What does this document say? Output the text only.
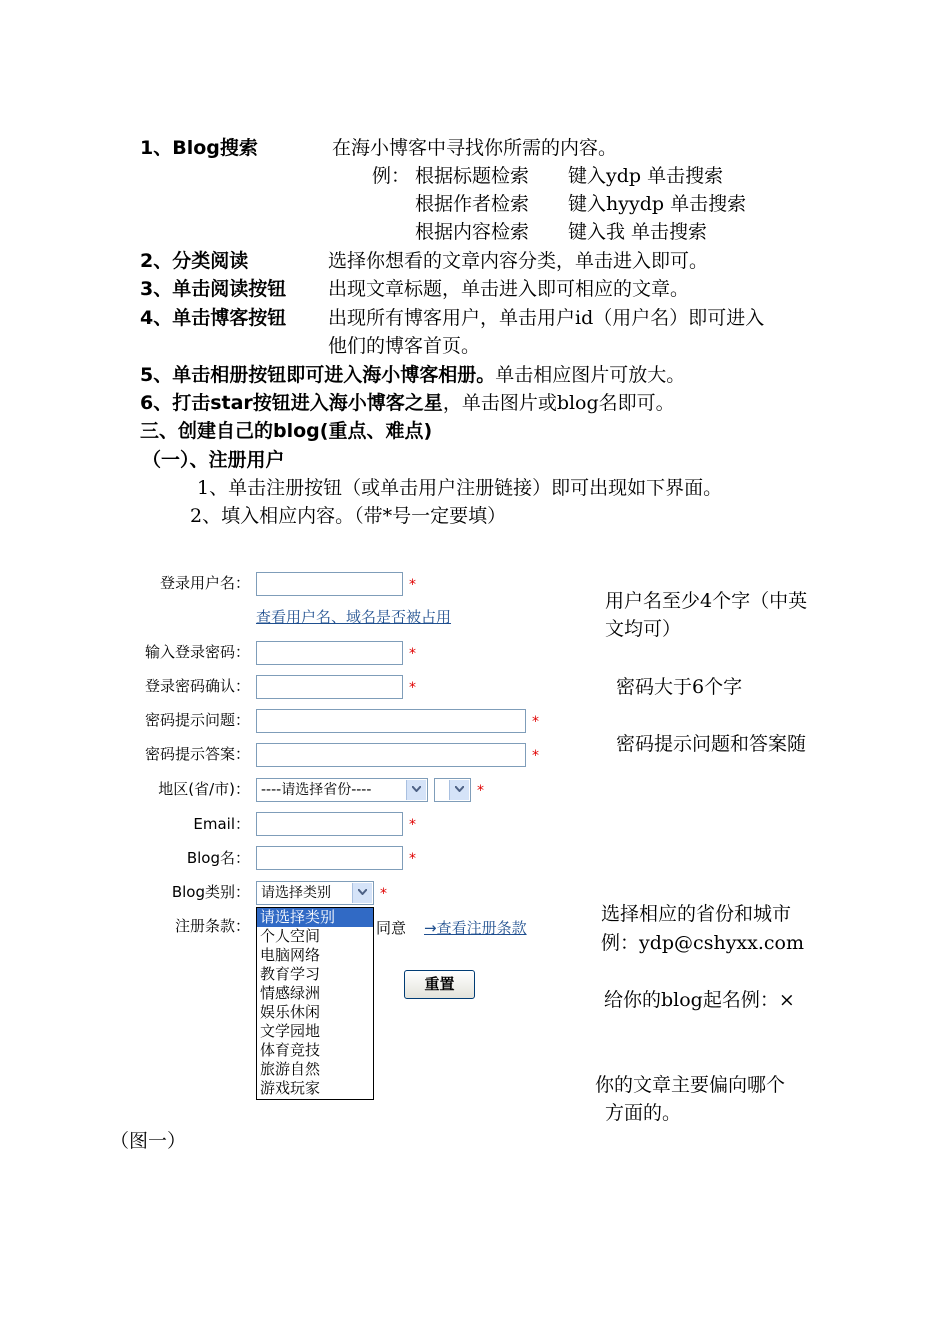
1、Blog搜索	在海小博客中寻找你所需的内容。
例： 根据标题检索 键入ydp 单击搜索
根据作者检索 键入hyydp 单击搜索
根据内容检索 键入我 单击搜索
2、分类阅读	选择你想看的文章内容分类，单击进入即可。
3、单击阅读按钮 出现文章标题，单击进入即可相应的文章。
4、单击博客按钮 出现所有博客用户，单击用户id（用户名）即可进入
他们的博客首页。
5、单击相册按钮即可进入海小博客相册。单击相应图片可放大。
6、打击star按钮进入海小博客之星，单击图片或blog名即可。
三、创建自己的blog(重点、难点)
（一）、注册用户
1、单击注册按钮（或单击用户注册链接）即可出现如下界面。
2、填入相应内容。（带*号一定要填）
登录用户名：	*
查看用户名、域名是否被占用
输入登录密码：	*
登录密码确认：	*
密码提示问题：	*
密码提示答案：	*
地区(省/市)： ----请选择省份----	*
Email：	*
Blog名：	*
Blog类别： 请选择类别	*
注册条款：	同意 →查看注册条款
请选择类别
个人空间
电脑网络
教育学习
情感绿洲
娱乐休闲
文学园地
体育竞技
旅游自然
游戏玩家
重置
用户名至少4个字（中英
文均可）
密码大于6个字
密码提示问题和答案随
选择相应的省份和城市
例：ydp@cshyxx.com
给你的blog起名例：×
你的文章主要偏向哪个
方面的。
（图一）
